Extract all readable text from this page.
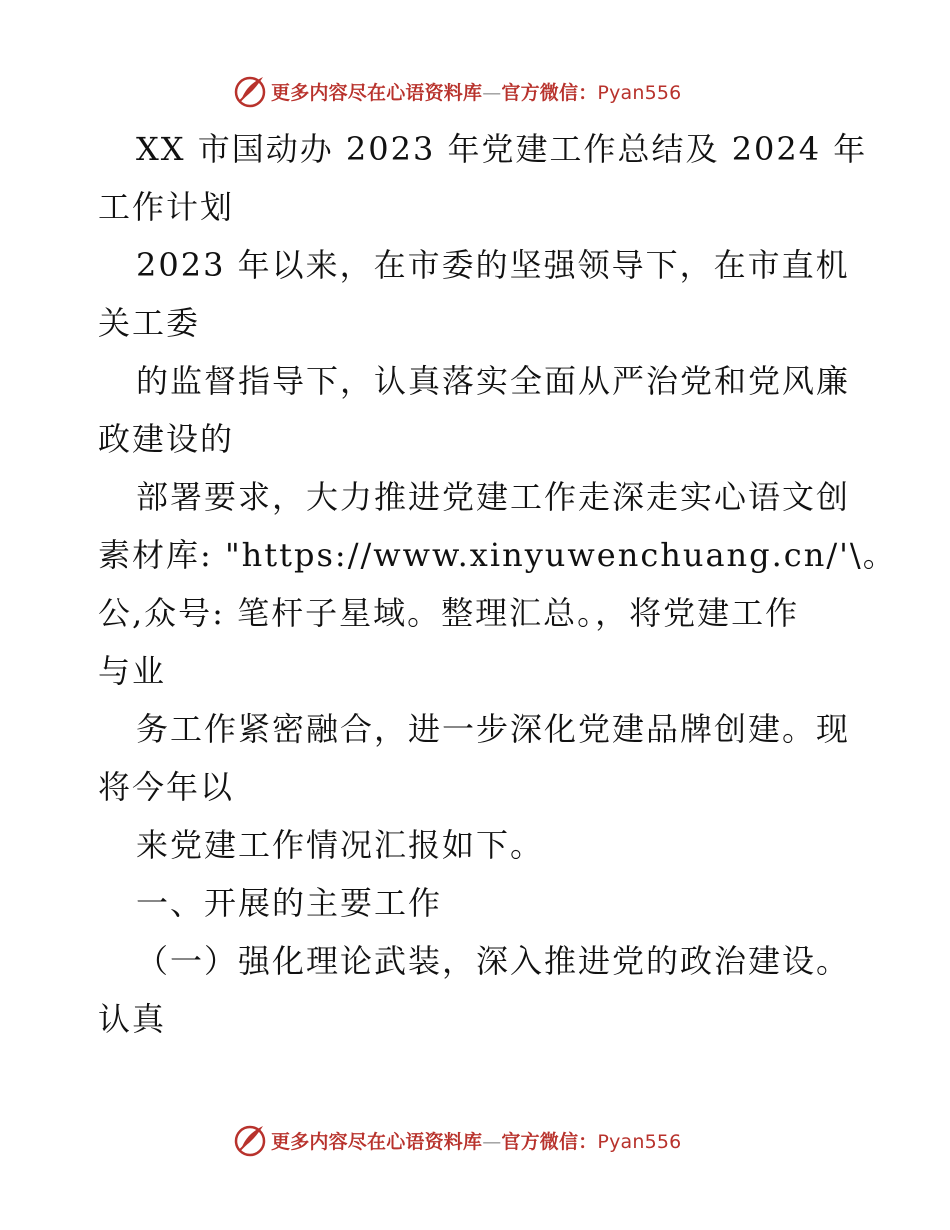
更多内容尽在心语资料库—官方微信：Pyan556
XX 市国动办 2023 年党建工作总结及 2024 年
工作计划
2023 年以来，在市委的坚强领导下，在市直机
关工委
的监督指导下，认真落实全面从严治党和党风廉
政建设的
部署要求，大力推进党建工作走深走实心语文创
素材库: "https://www.xinyuwenchuang.cn/'\。
公,众号: 笔杆子星域。整理汇总。，将党建工作
与业
务工作紧密融合，进一步深化党建品牌创建。现
将今年以
来党建工作情况汇报如下。
一、开展的主要工作
（一）强化理论武装，深入推进党的政治建设。
认真
更多内容尽在心语资料库—官方微信：Pyan556
